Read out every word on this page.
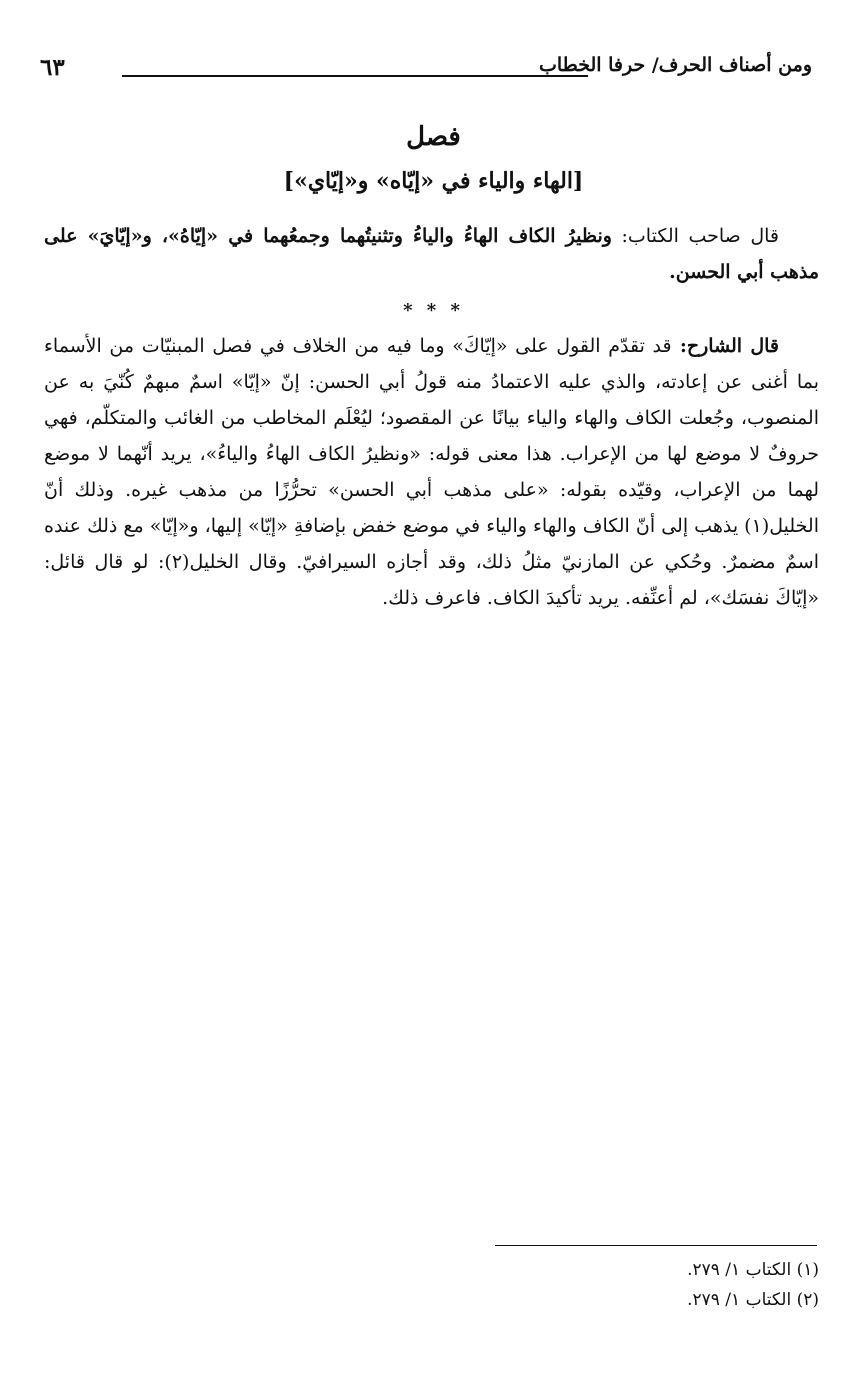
ومن أصناف الحرف/ حرفا الخطاب
٦٣
فصل
[الهاء والياء في «إيّاه» و«إيّاي»]
قال صاحب الكتاب: ونظيرُ الكاف الهاءُ والياءُ وتثنيتُهما وجمعُهما في «إيّاهُ»، و«إيّايَ» على مذهب أبي الحسن.
* * *
قال الشارح: قد تقدّم القول على «إيّاكَ» وما فيه من الخلاف في فصل المبنيّات من الأسماء بما أغنى عن إعادته، والذي عليه الاعتمادُ منه قولُ أبي الحسن: إنّ «إيّا» اسمٌ مبهمٌ كُنّيَ به عن المنصوب، وجُعلت الكاف والهاء والياء بيانًا عن المقصود؛ ليُعْلَم المخاطب من الغائب والمتكلّم، فهي حروفٌ لا موضع لها من الإعراب. هذا معنى قوله: «ونظيرُ الكاف الهاءُ والياءُ»، يريد أنّهما لا موضع لهما من الإعراب، وقيّده بقوله: «على مذهب أبي الحسن» تحرُّزًا من مذهب غيره. وذلك أنّ الخليل(١) يذهب إلى أنّ الكاف والهاء والياء في موضع خفض بإضافةِ «إيّا» إليها، و«إيّا» مع ذلك عنده اسمٌ مضمرٌ. وحُكي عن المازنيّ مثلُ ذلك، وقد أجازه السيرافيّ. وقال الخليل(٢): لو قال قائل: «إيّاكَ نفسَك»، لم أعنِّفه. يريد تأكيدَ الكاف. فاعرف ذلك.
(١) الكتاب ١/ ٢٧٩.
(٢) الكتاب ١/ ٢٧٩.
